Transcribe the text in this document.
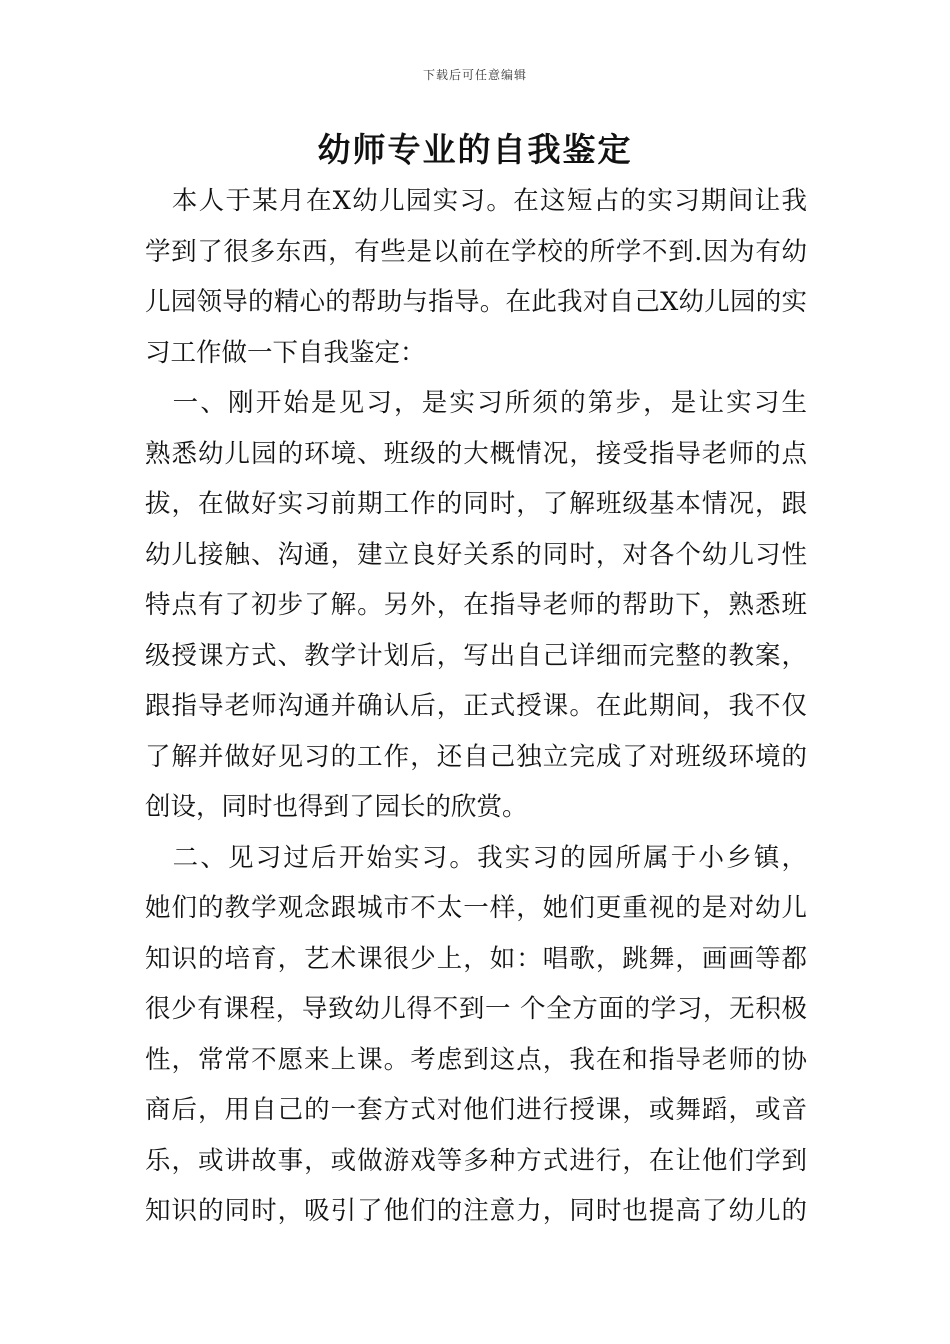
下载后可任意编辑
幼师专业的自我鉴定
　本人于某月在X幼儿园实习。在这短占的实习期间让我
学到了很多东西，有些是以前在学校的所学不到.因为有幼
儿园领导的精心的帮助与指导。在此我对自己X幼儿园的实
习工作做一下自我鉴定：
　一、刚开始是见习，是实习所须的第步，是让实习生
熟悉幼儿园的环境、班级的大概情况，接受指导老师的点
拔，在做好实习前期工作的同时，了解班级基本情况，跟
幼儿接触、沟通，建立良好关系的同时，对各个幼儿习性
特点有了初步了解。另外，在指导老师的帮助下，熟悉班
级授课方式、教学计划后，写出自己详细而完整的教案，
跟指导老师沟通并确认后，正式授课。在此期间，我不仅
了解并做好见习的工作，还自己独立完成了对班级环境的
创设，同时也得到了园长的欣赏。
　二、见习过后开始实习。我实习的园所属于小乡镇，
她们的教学观念跟城市不太一样，她们更重视的是对幼儿
知识的培育，艺术课很少上，如：唱歌，跳舞，画画等都
很少有课程，导致幼儿得不到一 个全方面的学习，无积极
性，常常不愿来上课。考虑到这点，我在和指导老师的协
商后，用自己的一套方式对他们进行授课，或舞蹈，或音
乐，或讲故事，或做游戏等多种方式进行，在让他们学到
知识的同时，吸引了他们的注意力，同时也提高了幼儿的
